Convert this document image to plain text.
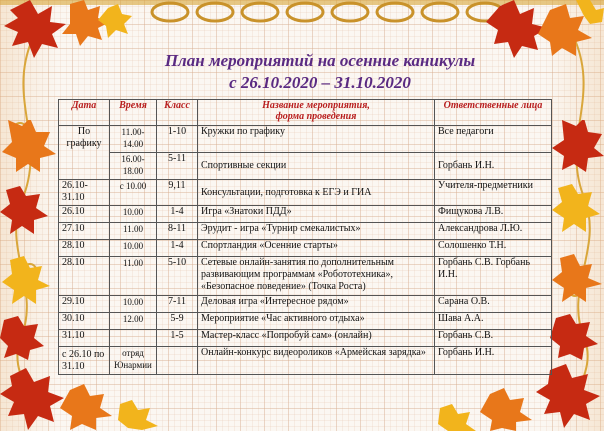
План мероприятий на осенние каникулы
с 26.10.2020 – 31.10.2020
Дата	Время	Класс	Название мероприятия,
форма проведения	Ответственные лица
По графику	11.00-14.00	1-10	Кружки по графику	Все педагоги
	16.00-18.00	5-11	Спортивные секции	Горбань И.Н.
26.10-31.10	с 10.00	9,11	Консультации, подготовка к ЕГЭ и ГИА	Учителя-предметники
26.10	10.00	1-4	Игра «Знатоки ПДД»	Фищукова Л.В.
27.10	11.00	8-11	Эрудит - игра «Турнир смекалистых»	Александрова Л.Ю.
28.10	10.00	1-4	Спортландия «Осенние старты»	Солошенко Т.Н.
28.10	11.00	5-10	Сетевые онлайн-занятия по дополнительным развивающим программам «Робототехника», «Безопасное поведение» (Точка Роста)	Горбань С.В. Горбань И.Н.
29.10	10.00	7-11	Деловая игра «Интересное рядом»	Сарана О.В.
30.10	12.00	5-9	Мероприятие «Час активного отдыха»	Шава А.А.
31.10		1-5	Мастер-класс «Попробуй сам» (онлайн)	Горбань С.В.
с 26.10 по 31.10	отряд Юнармии		Онлайн-конкурс видеороликов «Армейская зарядка»	Горбань И.Н.
